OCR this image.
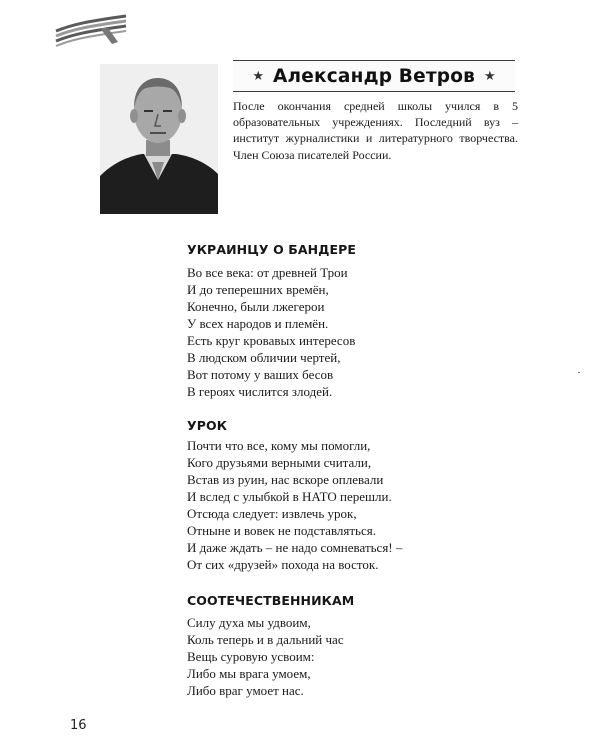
★ Александр Ветров ★
После окончания средней школы учился в 5 образовательных учреждениях. Последний вуз – институт журналистики и литературного творчества. Член Союза писателей России.
УКРАИНЦУ О БАНДЕРЕ
Во все века: от древней Трои
И до теперешних времён,
Конечно, были лжегерои
У всех народов и племён.
Есть круг кровавых интересов
В людском обличии чертей,
Вот потому у ваших бесов
В героях числится злодей.
УРОК
Почти что все, кому мы помогли,
Кого друзьями верными считали,
Встав из руин, нас вскоре оплевали
И вслед с улыбкой в НАТО перешли.
Отсюда следует: извлечь урок,
Отныне и вовек не подставляться.
И даже ждать – не надо сомневаться! –
От сих «друзей» похода на восток.
СООТЕЧЕСТВЕННИКАМ
Силу духа мы удвоим,
Коль теперь и в дальний час
Вещь суровую усвоим:
Либо мы врага умоем,
Либо враг умоет нас.
16
